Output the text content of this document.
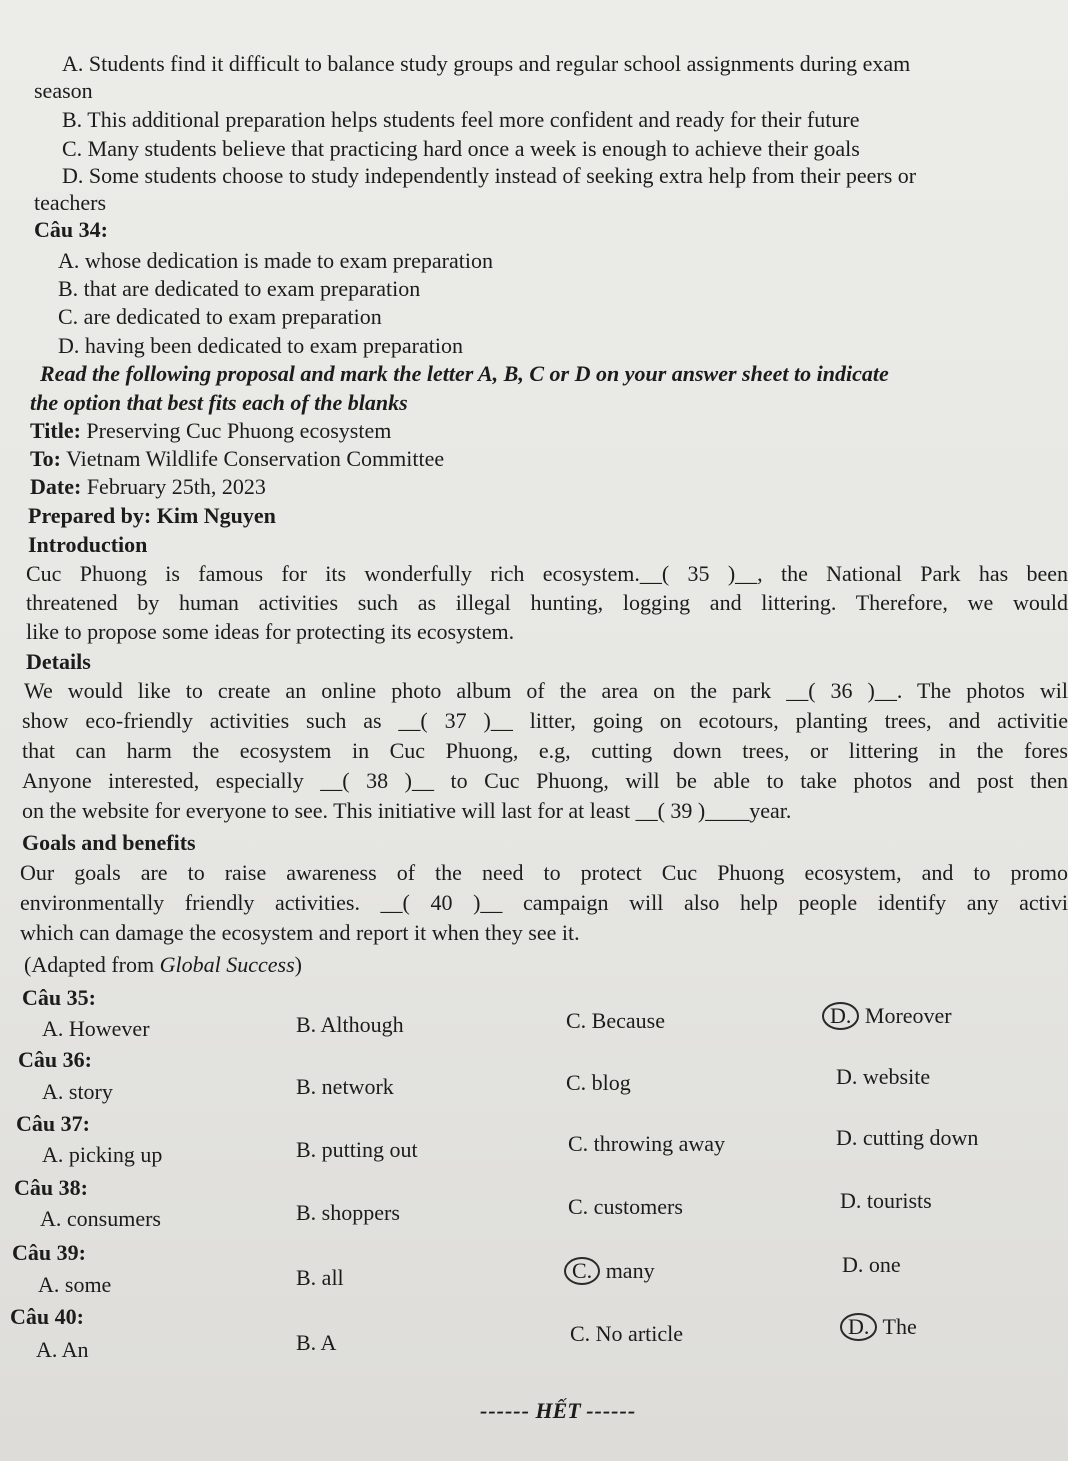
A. Students find it difficult to balance study groups and regular school assignments during exam
season
B. This additional preparation helps students feel more confident and ready for their future
C. Many students believe that practicing hard once a week is enough to achieve their goals
D. Some students choose to study independently instead of seeking extra help from their peers or
teachers
Câu 34:
A. whose dedication is made to exam preparation
B. that are dedicated to exam preparation
C. are dedicated to exam preparation
D. having been dedicated to exam preparation
Read the following proposal and mark the letter A, B, C or D on your answer sheet to indicate
the option that best fits each of the blanks
Title: Preserving Cuc Phuong ecosystem
To: Vietnam Wildlife Conservation Committee
Date: February 25th, 2023
Prepared by: Kim Nguyen
Introduction
Cuc Phuong is famous for its wonderfully rich ecosystem.__( 35 )__, the National Park has been
threatened by human activities such as illegal hunting, logging and littering. Therefore, we would
like to propose some ideas for protecting its ecosystem.
Details
We would like to create an online photo album of the area on the park __( 36 )__. The photos wil
show eco-friendly activities such as __( 37 )__ litter, going on ecotours, planting trees, and activitie
that can harm the ecosystem in Cuc Phuong, e.g, cutting down trees, or littering in the fores
Anyone interested, especially __( 38 )__ to Cuc Phuong, will be able to take photos and post then
on the website for everyone to see. This initiative will last for at least __( 39 )____year.
Goals and benefits
Our goals are to raise awareness of the need to protect Cuc Phuong ecosystem, and to promo
environmentally friendly activities. __( 40 )__ campaign will also help people identify any activi
which can damage the ecosystem and report it when they see it.
(Adapted from Global Success)
Câu 35:
A. However	B. Although	C. Because	D. Moreover
Câu 36:
A. story	B. network	C. blog	D. website
Câu 37:
A. picking up	B. putting out	C. throwing away	D. cutting down
Câu 38:
A. consumers	B. shoppers	C. customers	D. tourists
Câu 39:
A. some	B. all	C. many	D. one
Câu 40:
A. An	B. A	C. No article	D. The
------ HẾT ------
